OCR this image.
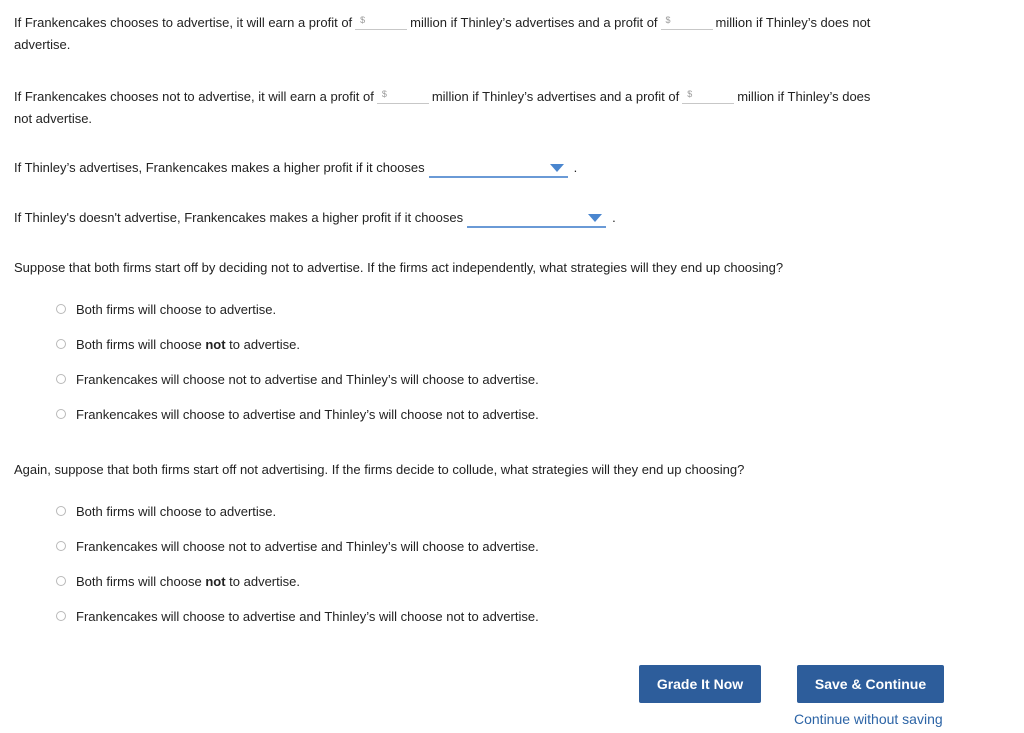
If Frankencakes chooses to advertise, it will earn a profit of $	million if Thinley’s advertises and a profit of $	million if Thinley’s does not
advertise.
If Frankencakes chooses not to advertise, it will earn a profit of $	million if Thinley’s advertises and a profit of $	million if Thinley’s does
not advertise.
If Thinley’s advertises, Frankencakes makes a higher profit if it chooses	.
If Thinley's doesn't advertise, Frankencakes makes a higher profit if it chooses	.
Suppose that both firms start off by deciding not to advertise. If the firms act independently, what strategies will they end up choosing?
Both firms will choose to advertise.
Both firms will choose not to advertise.
Frankencakes will choose not to advertise and Thinley’s will choose to advertise.
Frankencakes will choose to advertise and Thinley’s will choose not to advertise.
Again, suppose that both firms start off not advertising. If the firms decide to collude, what strategies will they end up choosing?
Both firms will choose to advertise.
Frankencakes will choose not to advertise and Thinley’s will choose to advertise.
Both firms will choose not to advertise.
Frankencakes will choose to advertise and Thinley’s will choose not to advertise.
Grade It Now	Save & Continue
Continue without saving
